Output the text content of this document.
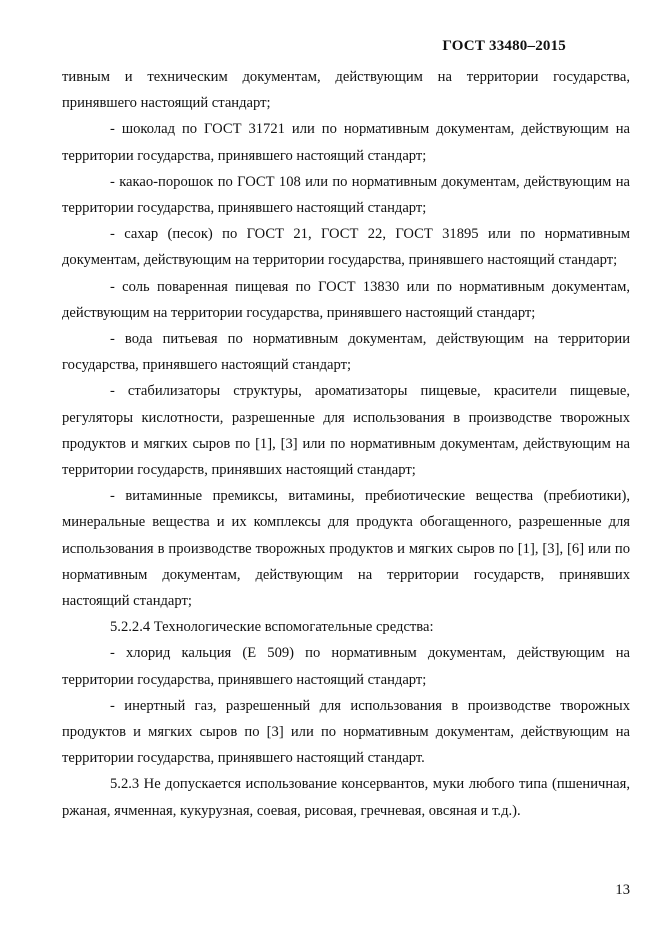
ГОСТ 33480–2015

тивным и техническим документам, действующим на территории государства, принявшего настоящий стандарт;

- шоколад по ГОСТ 31721 или по нормативным документам, действующим на территории государства, принявшего настоящий стандарт;

- какао-порошок по ГОСТ 108 или по нормативным документам, действующим на территории государства, принявшего настоящий стандарт;

- сахар (песок) по ГОСТ 21, ГОСТ 22, ГОСТ 31895 или по нормативным документам, действующим на территории государства, принявшего настоящий стандарт;

- соль поваренная пищевая по ГОСТ 13830 или по нормативным документам, действующим на территории государства, принявшего настоящий стандарт;

- вода питьевая по нормативным документам, действующим на территории государства, принявшего настоящий стандарт;

- стабилизаторы структуры, ароматизаторы пищевые, красители пищевые, регуляторы кислотности, разрешенные для использования в производстве творожных продуктов и мягких сыров по [1], [3] или по нормативным документам, действующим на территории государств, принявших настоящий стандарт;

- витаминные премиксы, витамины, пребиотические вещества (пребиотики), минеральные вещества и их комплексы для продукта обогащенного, разрешенные для использования в производстве творожных продуктов и мягких сыров по [1], [3], [6] или по нормативным документам, действующим на территории государств, принявших настоящий стандарт;

5.2.2.4 Технологические вспомогательные средства:

- хлорид кальция (Е 509) по нормативным документам, действующим на территории государства, принявшего настоящий стандарт;

- инертный газ, разрешенный для использования в производстве творожных продуктов и мягких сыров по [3] или по нормативным документам, действующим на территории государства, принявшего настоящий стандарт.

5.2.3 Не допускается использование консервантов, муки любого типа (пшеничная, ржаная, ячменная, кукурузная, соевая, рисовая, гречневая, овсяная и т.д.).

13
